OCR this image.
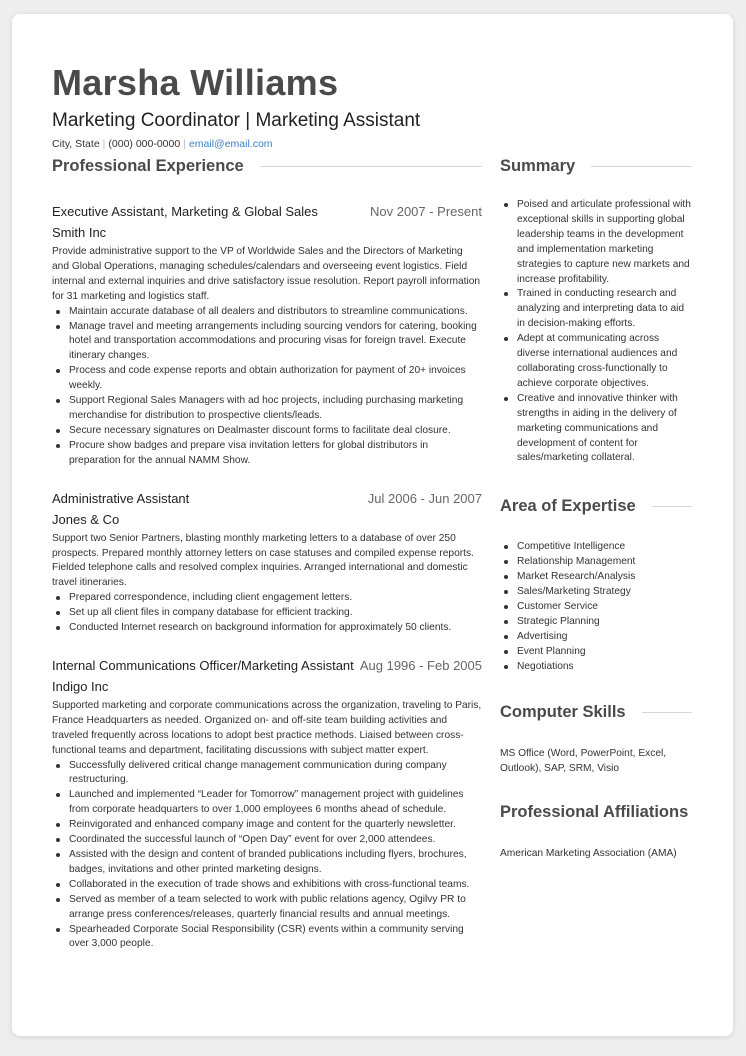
Marsha Williams
Marketing Coordinator | Marketing Assistant
City, State | (000) 000-0000 | email@email.com
Professional Experience
Executive Assistant, Marketing & Global Sales	Nov 2007 - Present
Smith Inc
Provide administrative support to the VP of Worldwide Sales and the Directors of Marketing and Global Operations, managing schedules/calendars and overseeing event logistics. Field internal and external inquiries and drive satisfactory issue resolution. Report payroll information for 31 marketing and logistics staff.
Maintain accurate database of all dealers and distributors to streamline communications.
Manage travel and meeting arrangements including sourcing vendors for catering, booking hotel and transportation accommodations and procuring visas for foreign travel. Execute itinerary changes.
Process and code expense reports and obtain authorization for payment of 20+ invoices weekly.
Support Regional Sales Managers with ad hoc projects, including purchasing marketing merchandise for distribution to prospective clients/leads.
Secure necessary signatures on Dealmaster discount forms to facilitate deal closure.
Procure show badges and prepare visa invitation letters for global distributors in preparation for the annual NAMM Show.
Administrative Assistant	Jul 2006 - Jun 2007
Jones & Co
Support two Senior Partners, blasting monthly marketing letters to a database of over 250 prospects. Prepared monthly attorney letters on case statuses and compiled expense reports. Fielded telephone calls and resolved complex inquiries. Arranged international and domestic travel itineraries.
Prepared correspondence, including client engagement letters.
Set up all client files in company database for efficient tracking.
Conducted Internet research on background information for approximately 50 clients.
Internal Communications Officer/Marketing Assistant Aug 1996 - Feb 2005
Indigo Inc
Supported marketing and corporate communications across the organization, traveling to Paris, France Headquarters as needed. Organized on- and off-site team building activities and traveled frequently across locations to adopt best practice methods. Liaised between cross-functional teams and department, facilitating discussions with subject matter expert.
Successfully delivered critical change management communication during company restructuring.
Launched and implemented “Leader for Tomorrow” management project with guidelines from corporate headquarters to over 1,000 employees 6 months ahead of schedule.
Reinvigorated and enhanced company image and content for the quarterly newsletter.
Coordinated the successful launch of “Open Day” event for over 2,000 attendees.
Assisted with the design and content of branded publications including flyers, brochures, badges, invitations and other printed marketing designs.
Collaborated in the execution of trade shows and exhibitions with cross-functional teams.
Served as member of a team selected to work with public relations agency, Ogilvy PR to arrange press conferences/releases, quarterly financial results and annual meetings.
Spearheaded Corporate Social Responsibility (CSR) events within a community serving over 3,000 people.
Summary
Poised and articulate professional with exceptional skills in supporting global leadership teams in the development and implementation marketing strategies to capture new markets and increase profitability.
Trained in conducting research and analyzing and interpreting data to aid in decision-making efforts.
Adept at communicating across diverse international audiences and collaborating cross-functionally to achieve corporate objectives.
Creative and innovative thinker with strengths in aiding in the delivery of marketing communications and development of content for sales/marketing collateral.
Area of Expertise
Competitive Intelligence
Relationship Management
Market Research/Analysis
Sales/Marketing Strategy
Customer Service
Strategic Planning
Advertising
Event Planning
Negotiations
Computer Skills
MS Office (Word, PowerPoint, Excel, Outlook), SAP, SRM, Visio
Professional Affiliations
American Marketing Association (AMA)
